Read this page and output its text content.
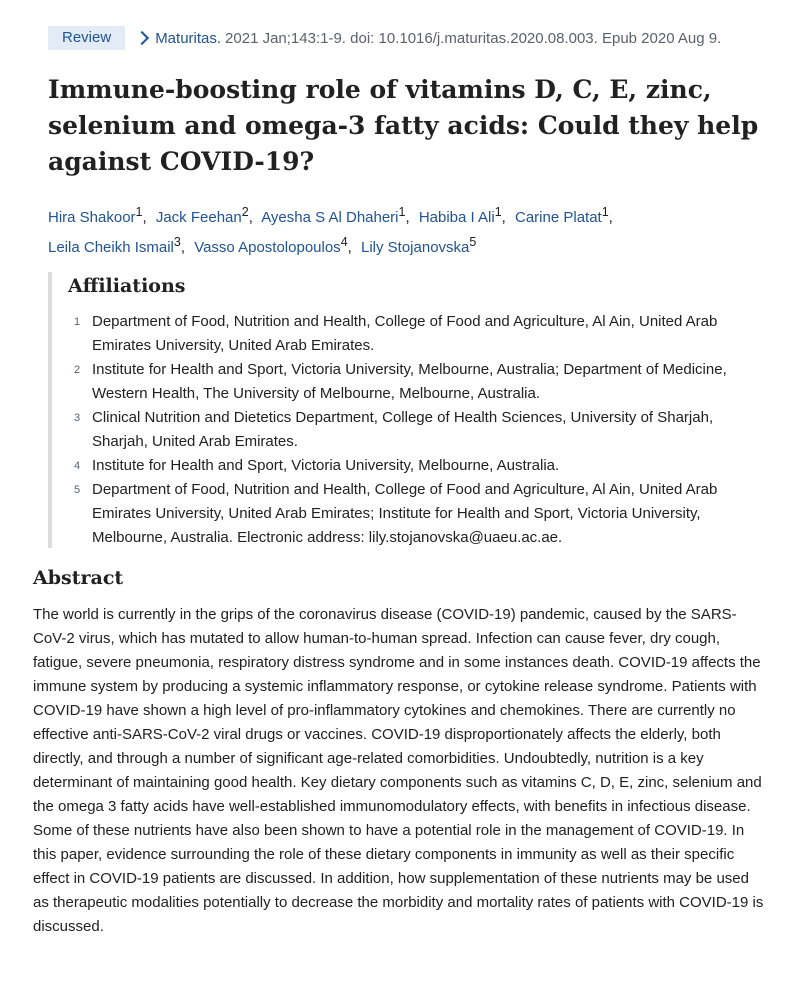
Review	Maturitas. 2021 Jan;143:1-9. doi: 10.1016/j.maturitas.2020.08.003. Epub 2020 Aug 9.
Immune-boosting role of vitamins D, C, E, zinc, selenium and omega-3 fatty acids: Could they help against COVID-19?
Hira Shakoor$^1$, Jack Feehan$^2$, Ayesha S Al Dhaheri$^1$, Habiba I Ali$^1$, Carine Platat$^1$,
Leila Cheikh Ismail$^3$, Vasso Apostolopoulos$^4$, Lily Stojanovska$^5$
Affiliations
1 Department of Food, Nutrition and Health, College of Food and Agriculture, Al Ain, United Arab Emirates University, United Arab Emirates.
2 Institute for Health and Sport, Victoria University, Melbourne, Australia; Department of Medicine, Western Health, The University of Melbourne, Melbourne, Australia.
3 Clinical Nutrition and Dietetics Department, College of Health Sciences, University of Sharjah, Sharjah, United Arab Emirates.
4 Institute for Health and Sport, Victoria University, Melbourne, Australia.
5 Department of Food, Nutrition and Health, College of Food and Agriculture, Al Ain, United Arab Emirates University, United Arab Emirates; Institute for Health and Sport, Victoria University, Melbourne, Australia. Electronic address: lily.stojanovska@uaeu.ac.ae.
Abstract

The world is currently in the grips of the coronavirus disease (COVID-19) pandemic, caused by the SARS-CoV-2 virus, which has mutated to allow human-to-human spread. Infection can cause fever, dry cough, fatigue, severe pneumonia, respiratory distress syndrome and in some instances death. COVID-19 affects the immune system by producing a systemic inflammatory response, or cytokine release syndrome. Patients with COVID-19 have shown a high level of pro-inflammatory cytokines and chemokines. There are currently no effective anti-SARS-CoV-2 viral drugs or vaccines. COVID-19 disproportionately affects the elderly, both directly, and through a number of significant age-related comorbidities. Undoubtedly, nutrition is a key determinant of maintaining good health. Key dietary components such as vitamins C, D, E, zinc, selenium and the omega 3 fatty acids have well-established immunomodulatory effects, with benefits in infectious disease. Some of these nutrients have also been shown to have a potential role in the management of COVID-19. In this paper, evidence surrounding the role of these dietary components in immunity as well as their specific effect in COVID-19 patients are discussed. In addition, how supplementation of these nutrients may be used as therapeutic modalities potentially to decrease the morbidity and mortality rates of patients with COVID-19 is discussed.
